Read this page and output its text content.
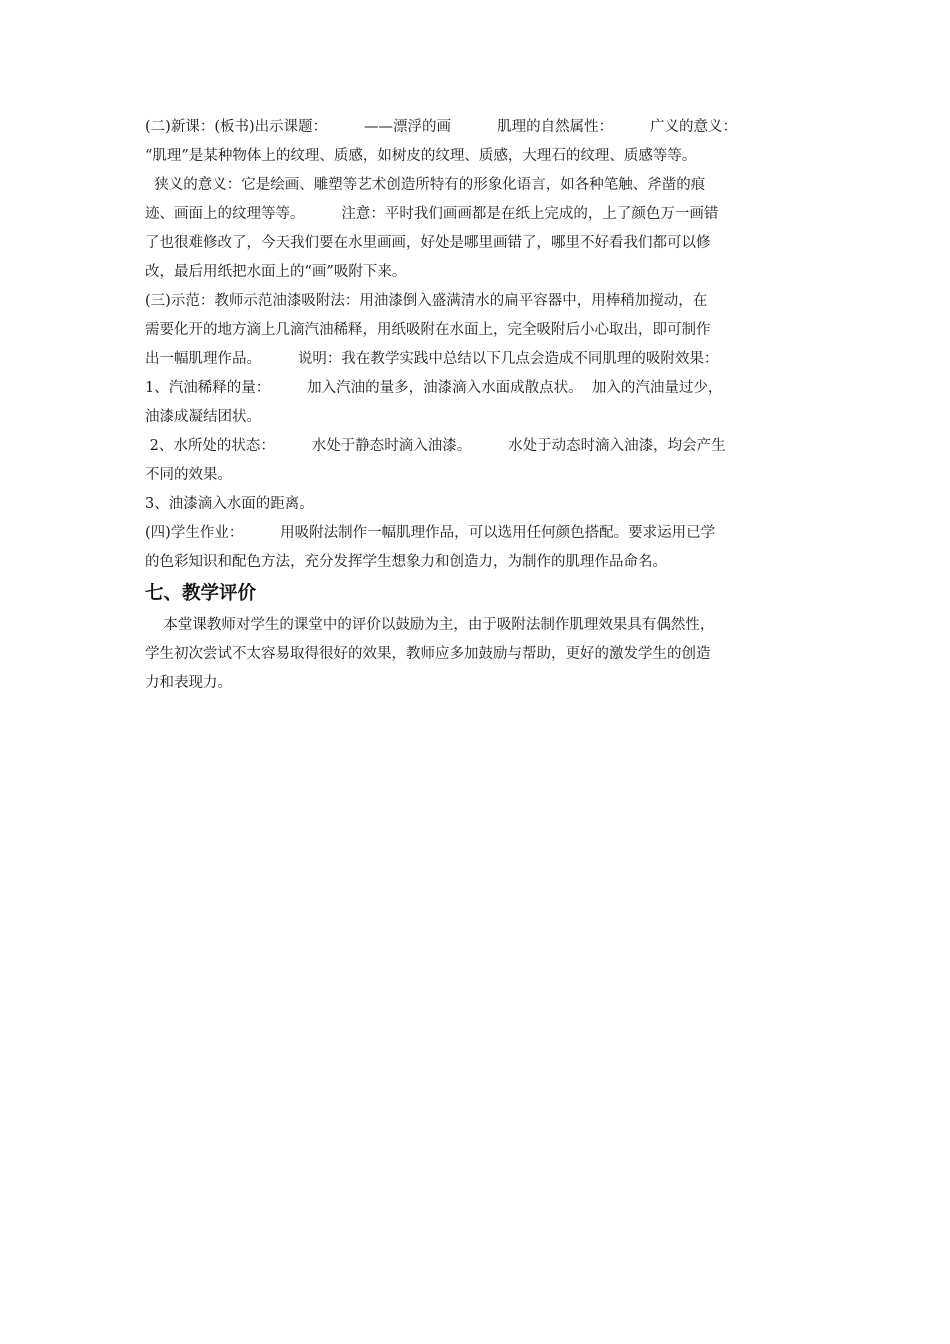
(二)新课：(板书)出示课题：        ——漂浮的画          肌理的自然属性：        广义的意义：
“肌理”是某种物体上的纹理、质感，如树皮的纹理、质感，大理石的纹理、质感等等。
狭义的意义：它是绘画、雕塑等艺术创造所特有的形象化语言，如各种笔触、斧凿的痕
迹、画面上的纹理等等。        注意：平时我们画画都是在纸上完成的，上了颜色万一画错
了也很难修改了，今天我们要在水里画画，好处是哪里画错了，哪里不好看我们都可以修
改，最后用纸把水面上的“画”吸附下来。
(三)示范：教师示范油漆吸附法：用油漆倒入盛满清水的扁平容器中，用棒稍加搅动，在
需要化开的地方滴上几滴汽油稀释，用纸吸附在水面上，完全吸附后小心取出，即可制作
出一幅肌理作品。        说明：我在教学实践中总结以下几点会造成不同肌理的吸附效果：
1、汽油稀释的量：        加入汽油的量多，油漆滴入水面成散点状。  加入的汽油量过少，
油漆成凝结团状。
2、水所处的状态：        水处于静态时滴入油漆。        水处于动态时滴入油漆，均会产生
不同的效果。
3、油漆滴入水面的距离。
(四)学生作业：        用吸附法制作一幅肌理作品，可以选用任何颜色搭配。要求运用已学
的色彩知识和配色方法，充分发挥学生想象力和创造力，为制作的肌理作品命名。
七、教学评价
本堂课教师对学生的课堂中的评价以鼓励为主，由于吸附法制作肌理效果具有偶然性，
学生初次尝试不太容易取得很好的效果，教师应多加鼓励与帮助，更好的激发学生的创造
力和表现力。
